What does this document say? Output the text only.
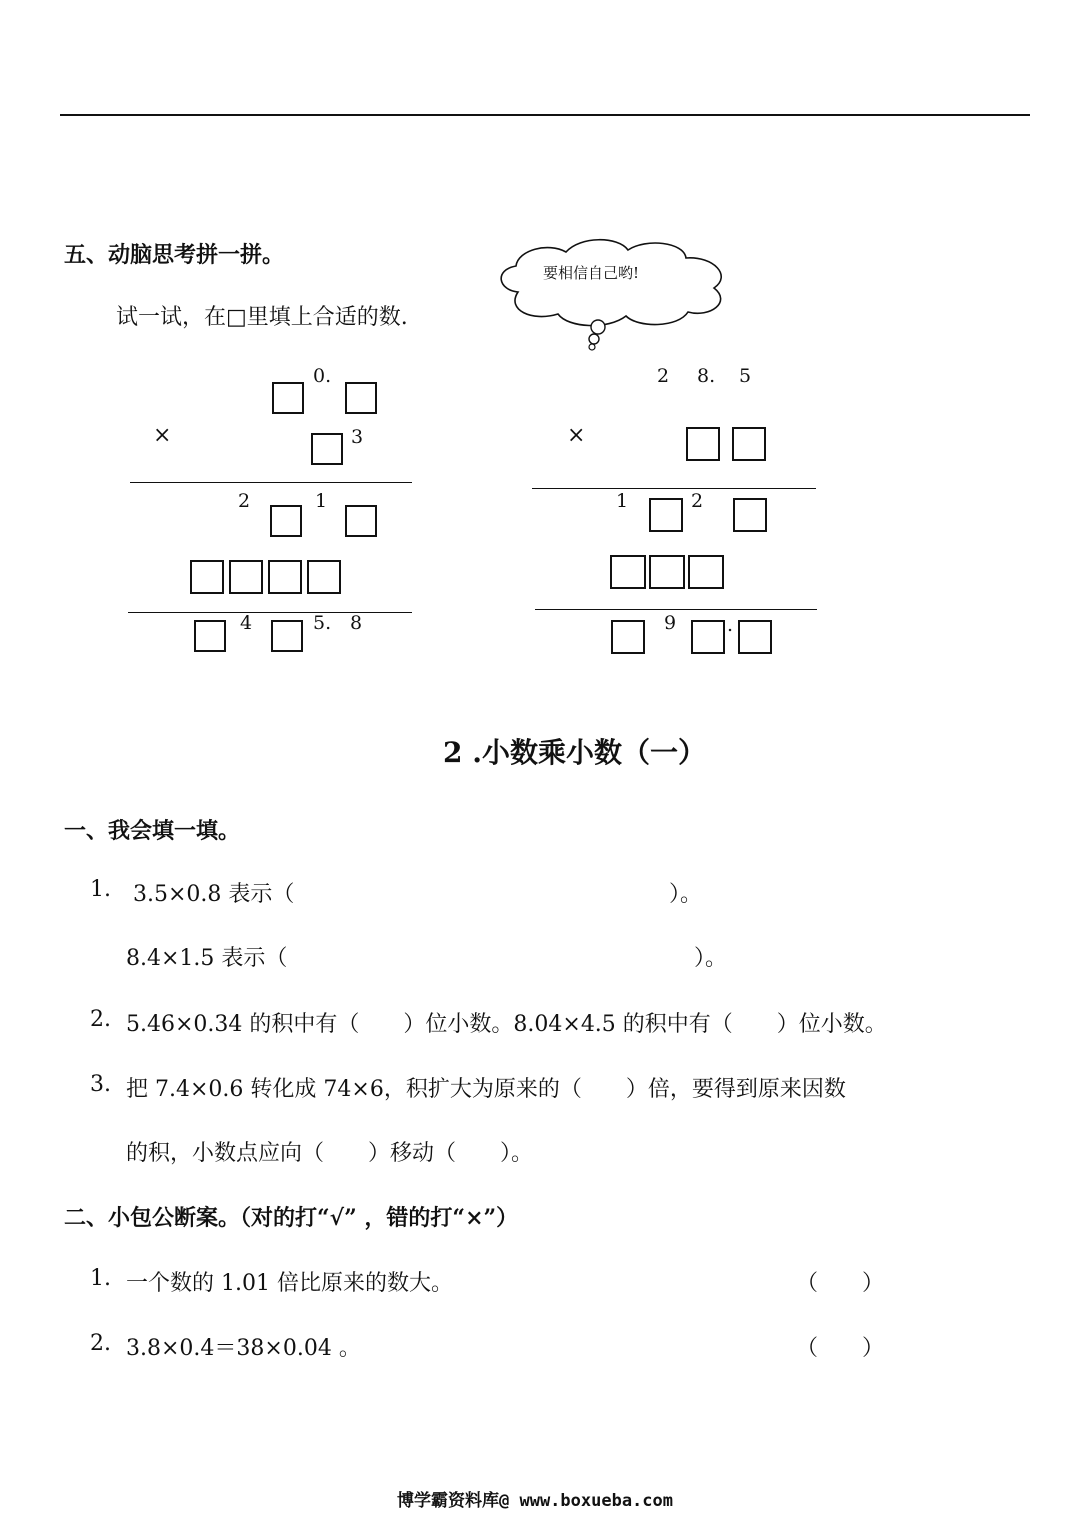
五、动脑思考拼一拼。
试一试，在□里填上合适的数.
要相信自己哟!
0.
×	3
2	1
4	5. 8
2 8. 5
×
1	2
9	.
2 .小数乘小数（一）
一、我会填一填。
1. 3.5×0.8 表示（	）。
8.4×1.5 表示（	）。
2. 5.46×0.34 的积中有（　　）位小数。8.04×4.5 的积中有（　　）位小数。
3. 把 7.4×0.6 转化成 74×6，积扩大为原来的（　　）倍，要得到原来因数
的积，小数点应向（　　）移动（　　）。
二、小包公断案。（对的打“√” ，错的打“×”）
1. 一个数的 1.01 倍比原来的数大。	（　　）
2. 3.8×0.4＝38×0.04 。	（　　）
博学霸资料库@ www.boxueba.com
